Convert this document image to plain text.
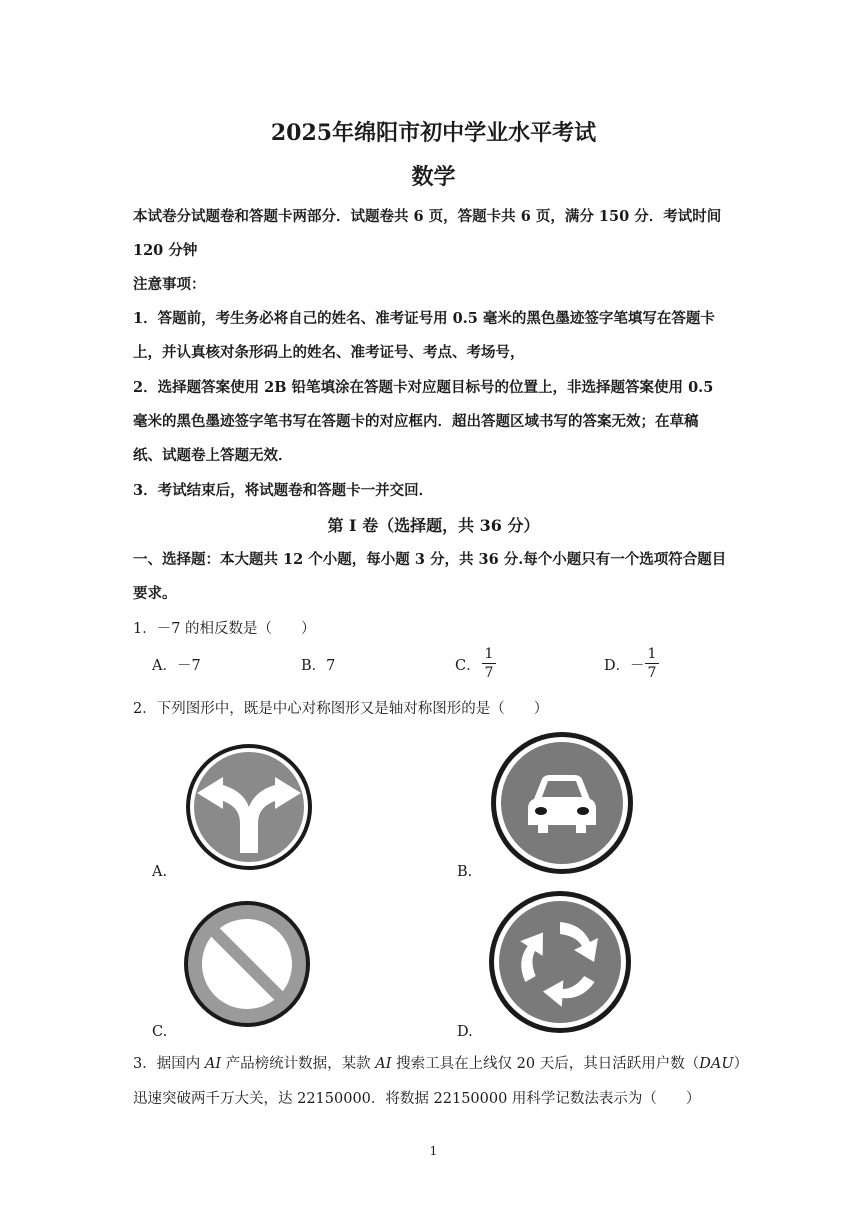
2025年绵阳市初中学业水平考试
数学
本试卷分试题卷和答题卡两部分．试题卷共 6 页，答题卡共 6 页，满分 150 分．考试时间
120 分钟
注意事项：
1．答题前，考生务必将自己的姓名、准考证号用 0.5 毫米的黑色墨迹签字笔填写在答题卡
上，并认真核对条形码上的姓名、准考证号、考点、考场号，
2．选择题答案使用 2B 铅笔填涂在答题卡对应题目标号的位置上，非选择题答案使用 0.5
毫米的黑色墨迹签字笔书写在答题卡的对应框内．超出答题区域书写的答案无效；在草稿
纸、试题卷上答题无效．
3．考试结束后，将试题卷和答题卡一并交回．
第 I 卷（选择题，共 36 分）
一、选择题：本大题共 12 个小题，每小题 3 分，共 36 分.每个小题只有一个选项符合题目
要求。
1．－7 的相反数是（　　）
A．－7	B．7	C．
1
7	D． －
1
7
2．下列图形中，既是中心对称图形又是轴对称图形的是（　　）
A.	B.
C.	D.
3．据国内 AI 产品榜统计数据，某款 AI 搜索工具在上线仅 20 天后，其日活跃用户数（DAU）
迅速突破两千万大关，达 22150000．将数据 22150000 用科学记数法表示为（　　）
1
